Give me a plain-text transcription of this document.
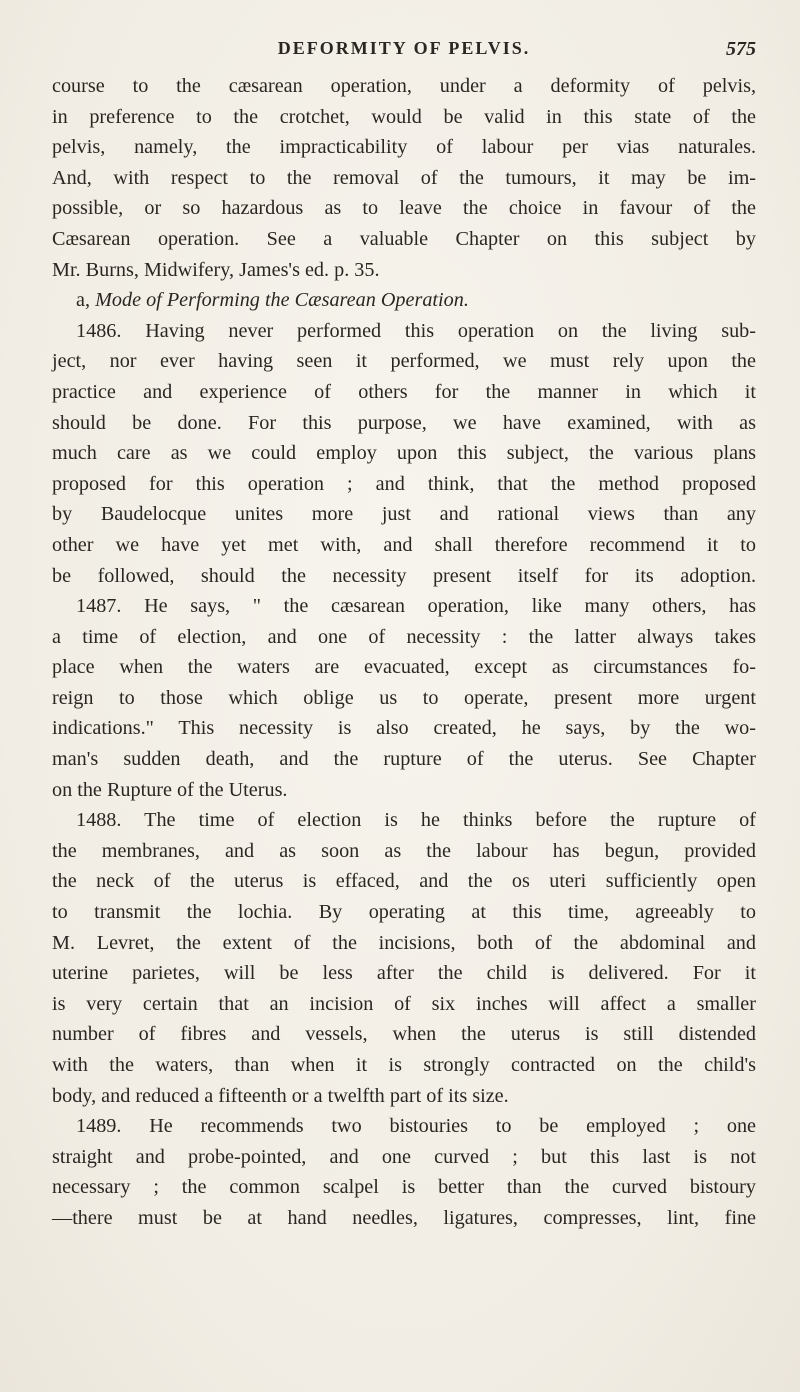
DEFORMITY OF PELVIS.	575
course to the cæsarean operation, under a deformity of pelvis,
in preference to the crotchet, would be valid in this state of the
pelvis, namely, the impracticability of labour per vias naturales.
And, with respect to the removal of the tumours, it may be im-
possible, or so hazardous as to leave the choice in favour of the
Cæsarean operation. See a valuable Chapter on this subject by
Mr. Burns, Midwifery, James's ed. p. 35.
a, Mode of Performing the Cæsarean Operation.
1486. Having never performed this operation on the living sub-
ject, nor ever having seen it performed, we must rely upon the
practice and experience of others for the manner in which it
should be done. For this purpose, we have examined, with as
much care as we could employ upon this subject, the various plans
proposed for this operation ; and think, that the method proposed
by Baudelocque unites more just and rational views than any
other we have yet met with, and shall therefore recommend it to
be followed, should the necessity present itself for its adoption.
1487. He says, " the cæsarean operation, like many others, has
a time of election, and one of necessity : the latter always takes
place when the waters are evacuated, except as circumstances fo-
reign to those which oblige us to operate, present more urgent
indications." This necessity is also created, he says, by the wo-
man's sudden death, and the rupture of the uterus. See Chapter
on the Rupture of the Uterus.
1488. The time of election is he thinks before the rupture of
the membranes, and as soon as the labour has begun, provided
the neck of the uterus is effaced, and the os uteri sufficiently open
to transmit the lochia. By operating at this time, agreeably to
M. Levret, the extent of the incisions, both of the abdominal and
uterine parietes, will be less after the child is delivered. For it
is very certain that an incision of six inches will affect a smaller
number of fibres and vessels, when the uterus is still distended
with the waters, than when it is strongly contracted on the child's
body, and reduced a fifteenth or a twelfth part of its size.
1489. He recommends two bistouries to be employed ; one
straight and probe-pointed, and one curved ; but this last is not
necessary ; the common scalpel is better than the curved bistoury
—there must be at hand needles, ligatures, compresses, lint, fine
